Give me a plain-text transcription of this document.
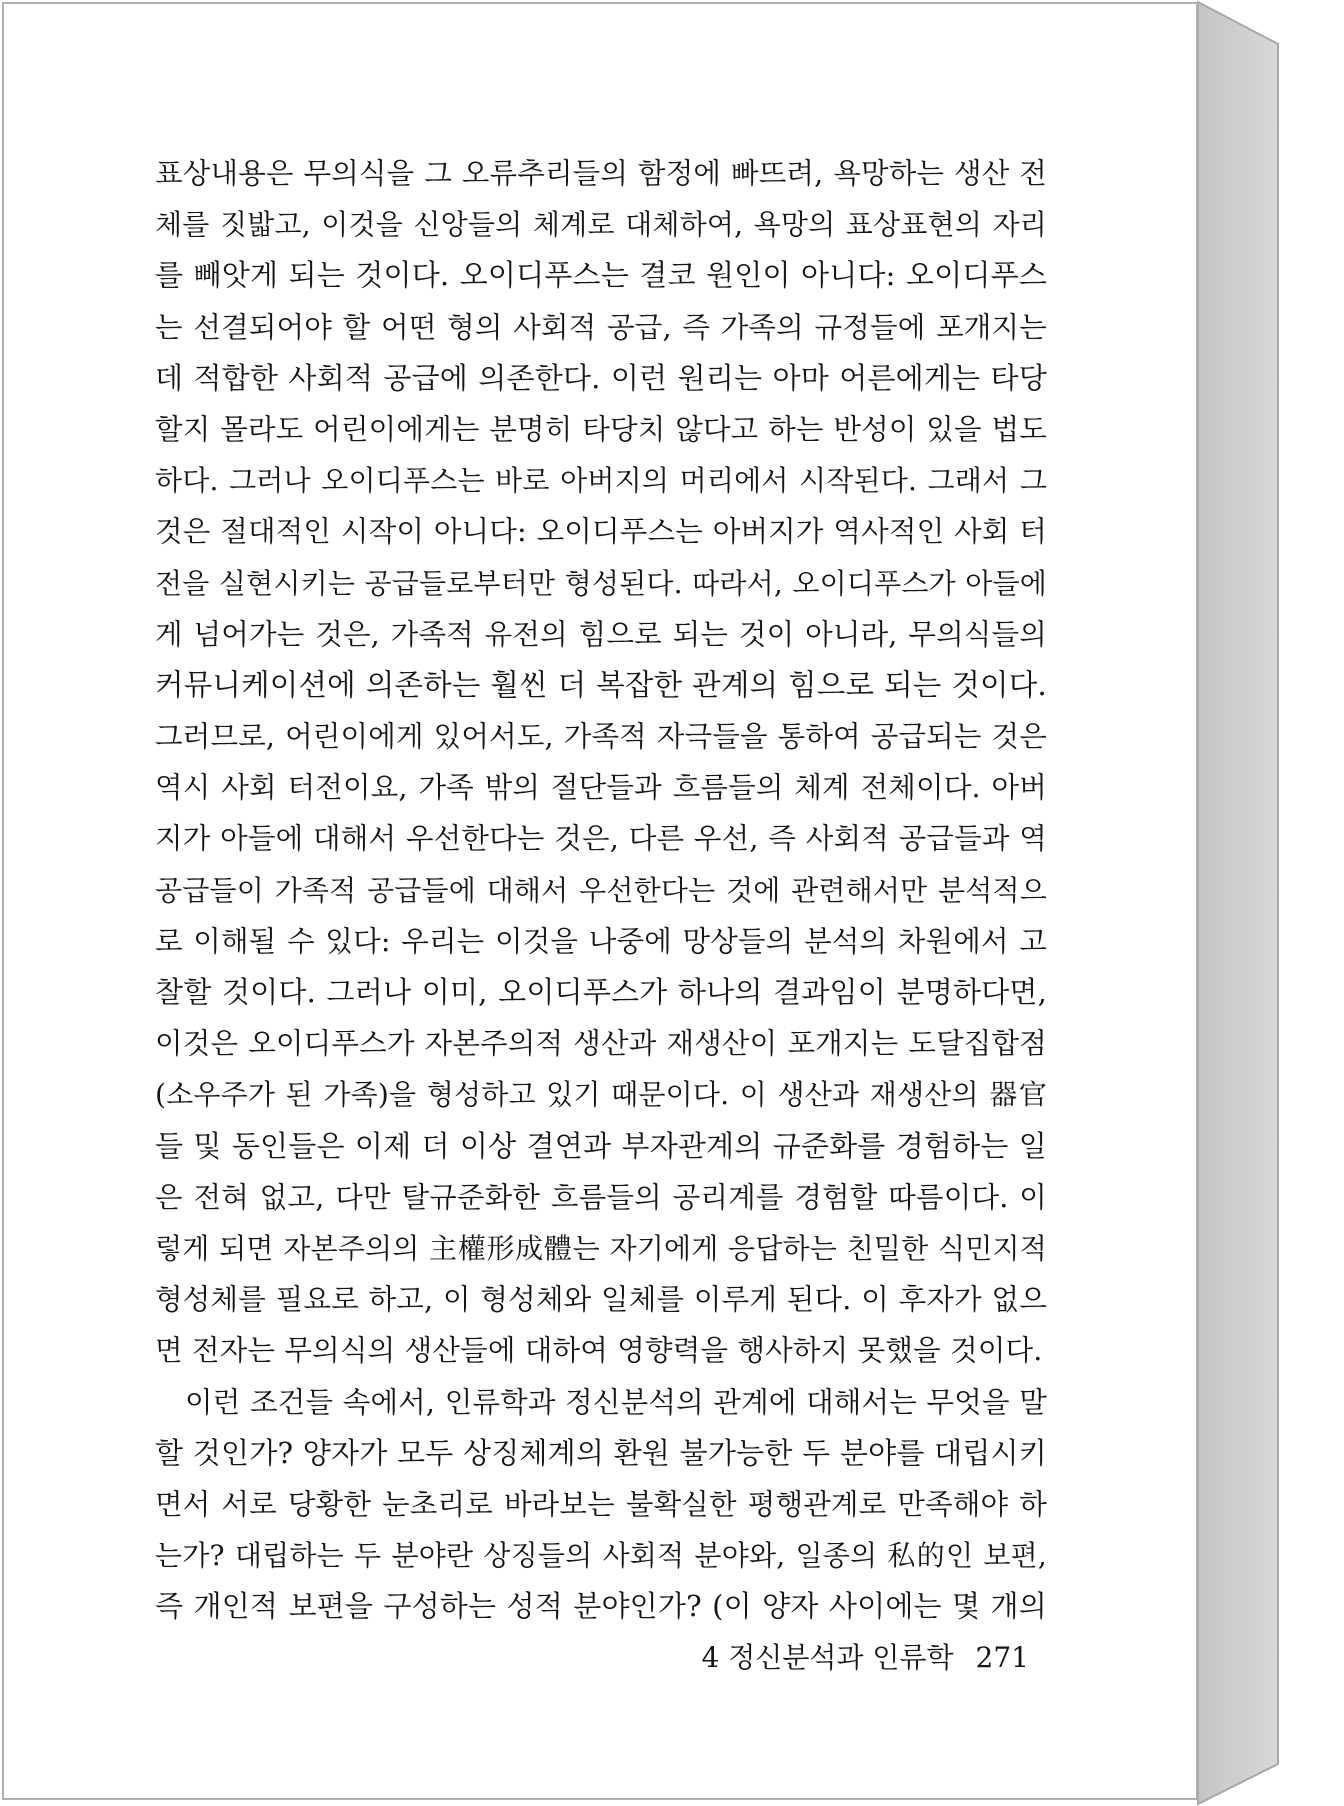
표상내용은 무의식을 그 오류추리들의 함정에 빠뜨려, 욕망하는 생산 전
체를 짓밟고, 이것을 신앙들의 체계로 대체하여, 욕망의 표상표현의 자리
를 빼앗게 되는 것이다. 오이디푸스는 결코 원인이 아니다: 오이디푸스
는 선결되어야 할 어떤 형의 사회적 공급, 즉 가족의 규정들에 포개지는
데 적합한 사회적 공급에 의존한다. 이런 원리는 아마 어른에게는 타당
할지 몰라도 어린이에게는 분명히 타당치 않다고 하는 반성이 있을 법도
하다. 그러나 오이디푸스는 바로 아버지의 머리에서 시작된다. 그래서 그
것은 절대적인 시작이 아니다: 오이디푸스는 아버지가 역사적인 사회 터
전을 실현시키는 공급들로부터만 형성된다. 따라서, 오이디푸스가 아들에
게 넘어가는 것은, 가족적 유전의 힘으로 되는 것이 아니라, 무의식들의
커뮤니케이션에 의존하는 훨씬 더 복잡한 관계의 힘으로 되는 것이다.
그러므로, 어린이에게 있어서도, 가족적 자극들을 통하여 공급되는 것은
역시 사회 터전이요, 가족 밖의 절단들과 흐름들의 체계 전체이다. 아버
지가 아들에 대해서 우선한다는 것은, 다른 우선, 즉 사회적 공급들과 역
공급들이 가족적 공급들에 대해서 우선한다는 것에 관련해서만 분석적으
로 이해될 수 있다: 우리는 이것을 나중에 망상들의 분석의 차원에서 고
찰할 것이다. 그러나 이미, 오이디푸스가 하나의 결과임이 분명하다면,
이것은 오이디푸스가 자본주의적 생산과 재생산이 포개지는 도달집합점
(소우주가 된 가족)을 형성하고 있기 때문이다. 이 생산과 재생산의 器官
들 및 동인들은 이제 더 이상 결연과 부자관계의 규준화를 경험하는 일
은 전혀 없고, 다만 탈규준화한 흐름들의 공리계를 경험할 따름이다. 이
렇게 되면 자본주의의 主權形成體는 자기에게 응답하는 친밀한 식민지적
형성체를 필요로 하고, 이 형성체와 일체를 이루게 된다. 이 후자가 없으
면 전자는 무의식의 생산들에 대하여 영향력을 행사하지 못했을 것이다.
이런 조건들 속에서, 인류학과 정신분석의 관계에 대해서는 무엇을 말
할 것인가? 양자가 모두 상징체계의 환원 불가능한 두 분야를 대립시키
면서 서로 당황한 눈초리로 바라보는 불확실한 평행관계로 만족해야 하
는가? 대립하는 두 분야란 상징들의 사회적 분야와, 일종의 私的인 보편,
즉 개인적 보편을 구성하는 성적 분야인가? (이 양자 사이에는 몇 개의
4 정신분석과 인류학 271
